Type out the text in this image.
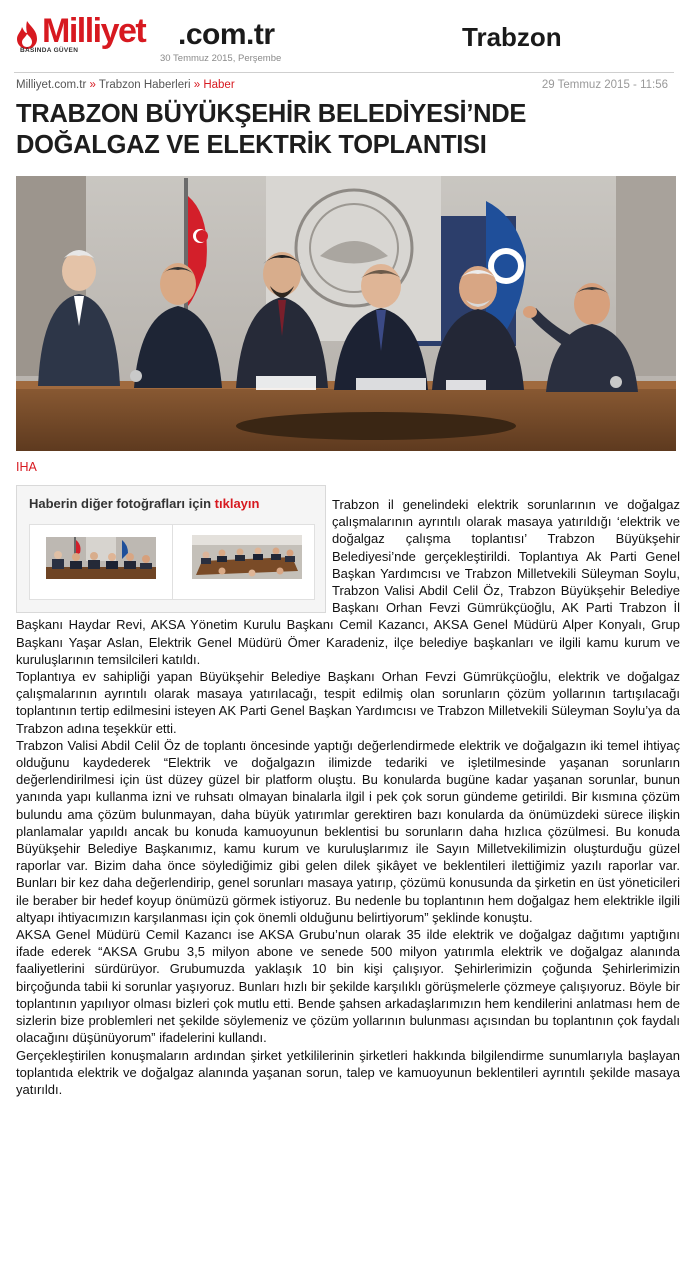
Milliyet .com.tr
BASINDA GÜVEN
30 Temmuz 2015, Perşembe
Trabzon
Milliyet.com.tr » Trabzon Haberleri » Haber	29 Temmuz 2015 - 11:56
TRABZON BÜYÜKŞEHİR BELEDİYESİ’NDE DOĞALGAZ VE ELEKTRİK TOPLANTISI
IHA
Haberin diğer fotoğrafları için tıklayın	Trabzon il genelindeki elektrik sorunlarının ve doğalgaz çalışmalarının ayrıntılı olarak masaya yatırıldığı ‘elektrik ve doğalgaz çalışma toplantısı’ Trabzon Büyükşehir Belediyesi’nde gerçekleştirildi. Toplantıya Ak Parti Genel Başkan Yardımcısı ve Trabzon Milletvekili Süleyman Soylu, Trabzon Valisi Abdil Celil Öz, Trabzon Büyükşehir Belediye Başkanı Orhan Fevzi Gümrükçüoğlu, AK Parti Trabzon İl Başkanı Haydar Revi, AKSA Yönetim Kurulu Başkanı Cemil Kazancı, AKSA Genel Müdürü Alper Konyalı, Grup Başkanı Yaşar Aslan, Elektrik Genel Müdürü Ömer Karadeniz, ilçe belediye başkanları ve ilgili kamu kurum ve kuruluşlarının temsilcileri katıldı.

Toplantıya ev sahipliği yapan Büyükşehir Belediye Başkanı Orhan Fevzi Gümrükçüoğlu, elektrik ve doğalgaz çalışmalarının ayrıntılı olarak masaya yatırılacağı, tespit edilmiş olan sorunların çözüm yollarının tartışılacağı toplantının tertip edilmesini isteyen AK Parti Genel Başkan Yardımcısı ve Trabzon Milletvekili Süleyman Soylu’ya da Trabzon adına teşekkür etti.

Trabzon Valisi Abdil Celil Öz de toplantı öncesinde yaptığı değerlendirmede elektrik ve doğalgazın iki temel ihtiyaç olduğunu kaydederek “Elektrik ve doğalgazın ilimizde tedariki ve işletilmesinde yaşanan sorunların değerlendirilmesi için üst düzey güzel bir platform oluştu. Bu konularda bugüne kadar yaşanan sorunlar, bunun yanında yapı kullanma izni ve ruhsatı olmayan binalarla ilgil i pek çok sorun gündeme getirildi. Bir kısmına çözüm bulundu ama çözüm bulunmayan, daha büyük yatırımlar gerektiren bazı konularda da önümüzdeki sürece ilişkin planlamalar yapıldı ancak bu konuda kamuoyunun beklentisi bu sorunların daha hızlıca çözülmesi. Bu konuda Büyükşehir Belediye Başkanımız, kamu kurum ve kuruluşlarımız ile Sayın Milletvekilimizin oluşturduğu güzel raporlar var. Bizim daha önce söylediğimiz gibi gelen dilek şikâyet ve beklentileri ilettiğimiz yazılı raporlar var. Bunları bir kez daha değerlendirip, genel sorunları masaya yatırıp, çözümü konusunda da şirketin en üst yöneticileri ile beraber bir hedef koyup önümüzü görmek istiyoruz. Bu nedenle bu toplantının hem doğalgaz hem elektrikle ilgili altyapı ihtiyacımızın karşılanması için çok önemli olduğunu belirtiyorum” şeklinde konuştu.

AKSA Genel Müdürü Cemil Kazancı ise AKSA Grubu’nun olarak 35 ilde elektrik ve doğalgaz dağıtımı yaptığını ifade ederek “AKSA Grubu 3,5 milyon abone ve senede 500 milyon yatırımla elektrik ve doğalgaz alanında faaliyetlerini sürdürüyor. Grubumuzda yaklaşık 10 bin kişi çalışıyor. Şehirlerimizin çoğunda Şehirlerimizin birçoğunda tabii ki sorunlar yaşıyoruz. Bunları hızlı bir şekilde karşılıklı görüşmelerle çözmeye çalışıyoruz. Böyle bir toplantının yapılıyor olması bizleri çok mutlu etti. Bende şahsen arkadaşlarımızın hem kendilerini anlatması hem de sizlerin bize problemleri net şekilde söylemeniz ve çözüm yollarının bulunması açısından bu toplantının çok faydalı olacağını düşünüyorum” ifadelerini kullandı.

Gerçekleştirilen konuşmaların ardından şirket yetkililerinin şirketleri hakkında bilgilendirme sunumlarıyla başlayan toplantıda elektrik ve doğalgaz alanında yaşanan sorun, talep ve kamuoyunun beklentileri ayrıntılı şekilde masaya yatırıldı.
